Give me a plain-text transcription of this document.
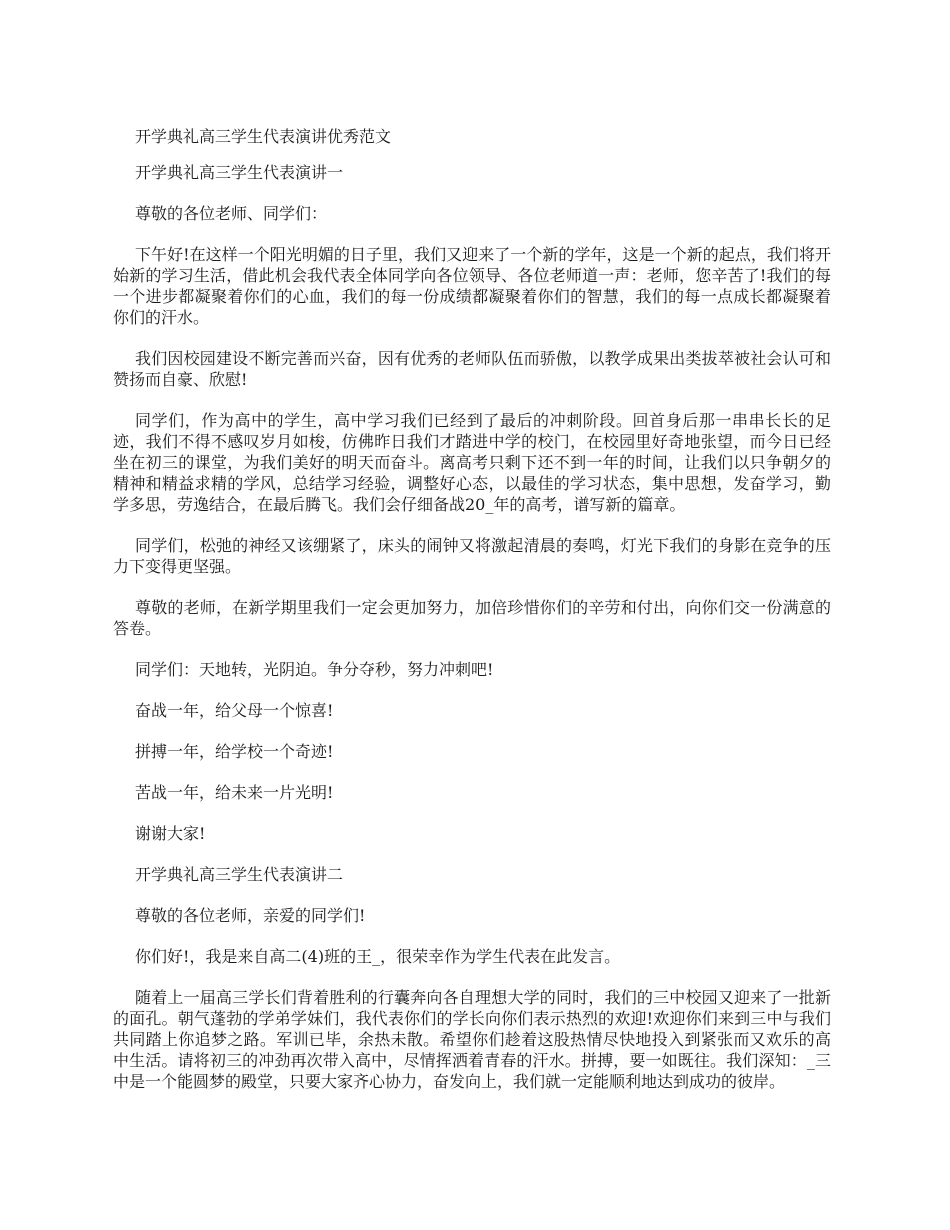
开学典礼高三学生代表演讲优秀范文

开学典礼高三学生代表演讲一

尊敬的各位老师、同学们：

下午好!在这样一个阳光明媚的日子里，我们又迎来了一个新的学年，这是一个新的起点，我们将开始新的学习生活，借此机会我代表全体同学向各位领导、各位老师道一声：老师，您辛苦了!我们的每一个进步都凝聚着你们的心血，我们的每一份成绩都凝聚着你们的智慧，我们的每一点成长都凝聚着你们的汗水。

我们因校园建设不断完善而兴奋，因有优秀的老师队伍而骄傲，以教学成果出类拔萃被社会认可和赞扬而自豪、欣慰!

同学们，作为高中的学生，高中学习我们已经到了最后的冲刺阶段。回首身后那一串串长长的足迹，我们不得不感叹岁月如梭，仿佛昨日我们才踏进中学的校门，在校园里好奇地张望，而今日已经坐在初三的课堂，为我们美好的明天而奋斗。离高考只剩下还不到一年的时间，让我们以只争朝夕的精神和精益求精的学风，总结学习经验，调整好心态，以最佳的学习状态，集中思想，发奋学习，勤学多思，劳逸结合，在最后腾飞。我们会仔细备战20_年的高考，谱写新的篇章。

同学们，松弛的神经又该绷紧了，床头的闹钟又将激起清晨的奏鸣，灯光下我们的身影在竞争的压力下变得更坚强。

尊敬的老师，在新学期里我们一定会更加努力，加倍珍惜你们的辛劳和付出，向你们交一份满意的答卷。

同学们：天地转，光阴迫。争分夺秒，努力冲刺吧!

奋战一年，给父母一个惊喜!

拼搏一年，给学校一个奇迹!

苦战一年，给未来一片光明!

谢谢大家!

开学典礼高三学生代表演讲二

尊敬的各位老师，亲爱的同学们!

你们好!，我是来自高二(4)班的王_，很荣幸作为学生代表在此发言。

随着上一届高三学长们背着胜利的行囊奔向各自理想大学的同时，我们的三中校园又迎来了一批新的面孔。朝气蓬勃的学弟学妹们，我代表你们的学长向你们表示热烈的欢迎!欢迎你们来到三中与我们共同踏上你追梦之路。军训已毕，余热未散。希望你们趁着这股热情尽快地投入到紧张而又欢乐的高中生活。请将初三的冲劲再次带入高中，尽情挥洒着青春的汗水。拼搏，要一如既往。我们深知：_三中是一个能圆梦的殿堂，只要大家齐心协力，奋发向上，我们就一定能顺利地达到成功的彼岸。
